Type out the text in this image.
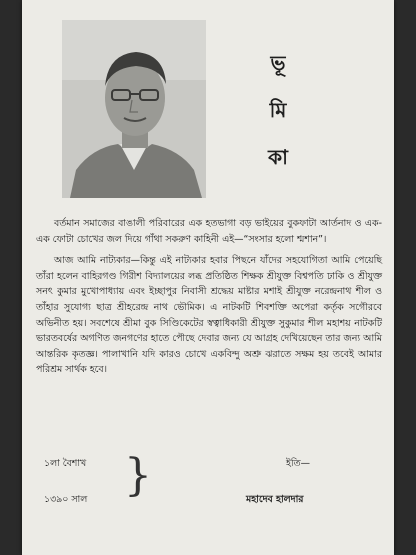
ভূ
মি
কা

বর্তমান সমাজের বাঙালী পরিবারের এক হতভাগা বড় ভাইয়ের বুকফাটা আর্তনাদ ও এক-এক ফোটা চোখের জল দিয়ে গাঁথা সকরুণ কাহিনী এই—“সংসার হলো শ্মশান”।

আজ আমি নাট্যকার—কিন্তু এই নাট্যকার হবার পিছনে যাঁদের সহযোগিতা আমি পেয়েছি তাঁরা হলেন বাহিরগণ্ড গিরীশ বিদ্যালয়ের লব্ধ প্রতিষ্ঠিত শিক্ষক শ্রীযুক্ত বিশ্বপতি ঢাকি ও শ্রীযুক্ত সনৎ কুমার মুখোপাধ্যায় এবং ইচ্ছাপুর নিবাসী শ্রদ্ধেয় মাষ্টার মশাই শ্রীযুক্ত নরেন্দ্রনাথ শীল ও তাঁহার সুযোগ্য ছাত্র শ্রীহরেন্দ্র নাথ ভৌমিক। এ নাটকটি শিবশক্তি অপেরা কর্তৃক সগৌরবে অভিনীত হয়। সবশেষে শ্রীমা বুক সিণ্ডিকেটের স্বত্বাধিকারী শ্রীযুক্ত সুকুমার শীল মহাশয় নাটকটি ভারতবর্ষের অগণিত জনগণের হাতে পৌছে দেবার জন্য যে আগ্রহ দেখিয়েছেন তার জন্য আমি আন্তরিক কৃতজ্ঞ। পালাখানি যদি কারও চোখে একবিন্দু অশ্রু ঝরাতে সক্ষম হয় তবেই আমার পরিশ্রম সার্থক হবে।

১লা বৈশাখ
১৩৯০ সাল }	ইতি—
মহাদেব হালদার
